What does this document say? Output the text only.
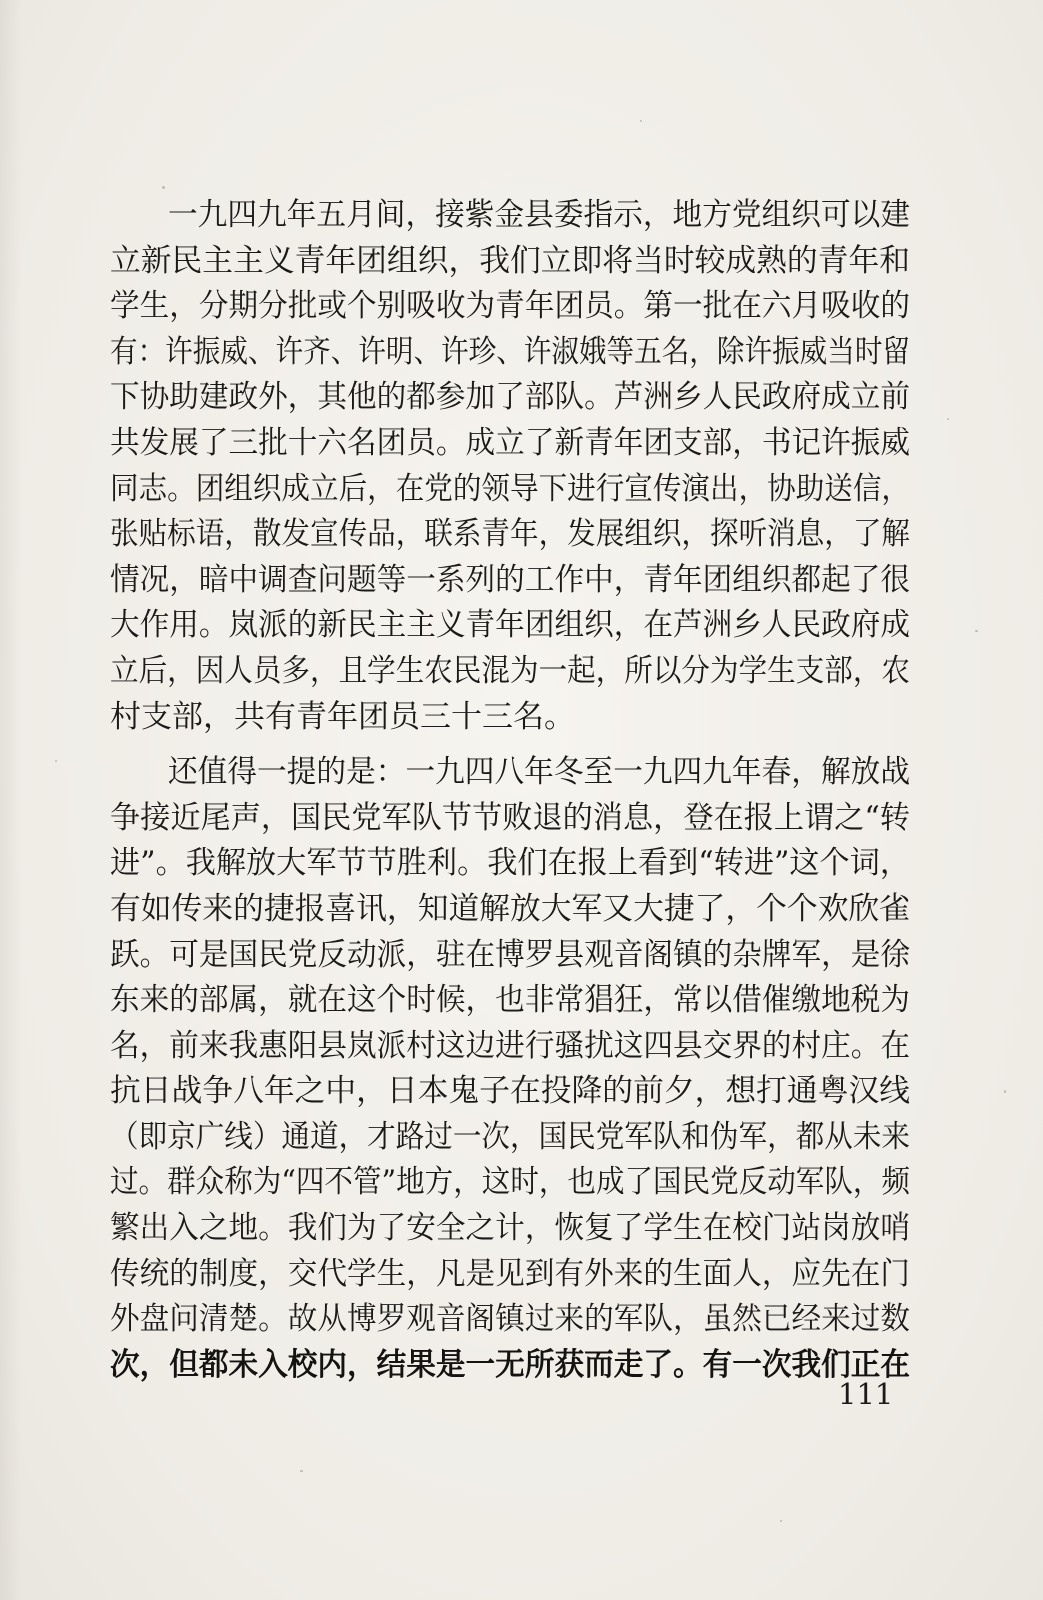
一九四九年五月间，接紫金县委指示，地方党组织可以建
立新民主主义青年团组织，我们立即将当时较成熟的青年和
学生，分期分批或个别吸收为青年团员。第一批在六月吸收的
有：许振威、许齐、许明、许珍、许淑娥等五名，除许振威当时留
下协助建政外，其他的都参加了部队。芦洲乡人民政府成立前
共发展了三批十六名团员。成立了新青年团支部，书记许振威
同志。团组织成立后，在党的领导下进行宣传演出，协助送信，
张贴标语，散发宣传品，联系青年，发展组织，探听消息，了解
情况，暗中调查问题等一系列的工作中，青年团组织都起了很
大作用。岚派的新民主主义青年团组织，在芦洲乡人民政府成
立后，因人员多，且学生农民混为一起，所以分为学生支部，农
村支部，共有青年团员三十三名。
还值得一提的是：一九四八年冬至一九四九年春，解放战
争接近尾声，国民党军队节节败退的消息，登在报上谓之“转
进”。我解放大军节节胜利。我们在报上看到“转进”这个词，
有如传来的捷报喜讯，知道解放大军又大捷了，个个欢欣雀
跃。可是国民党反动派，驻在博罗县观音阁镇的杂牌军，是徐
东来的部属，就在这个时候，也非常猖狂，常以借催缴地税为
名，前来我惠阳县岚派村这边进行骚扰这四县交界的村庄。在
抗日战争八年之中，日本鬼子在投降的前夕，想打通粤汉线
（即京广线）通道，才路过一次，国民党军队和伪军，都从未来
过。群众称为“四不管”地方，这时，也成了国民党反动军队，频
繁出入之地。我们为了安全之计，恢复了学生在校门站岗放哨
传统的制度，交代学生，凡是见到有外来的生面人，应先在门
外盘问清楚。故从博罗观音阁镇过来的军队，虽然已经来过数
次，但都未入校内，结果是一无所获而走了。有一次我们正在
111
